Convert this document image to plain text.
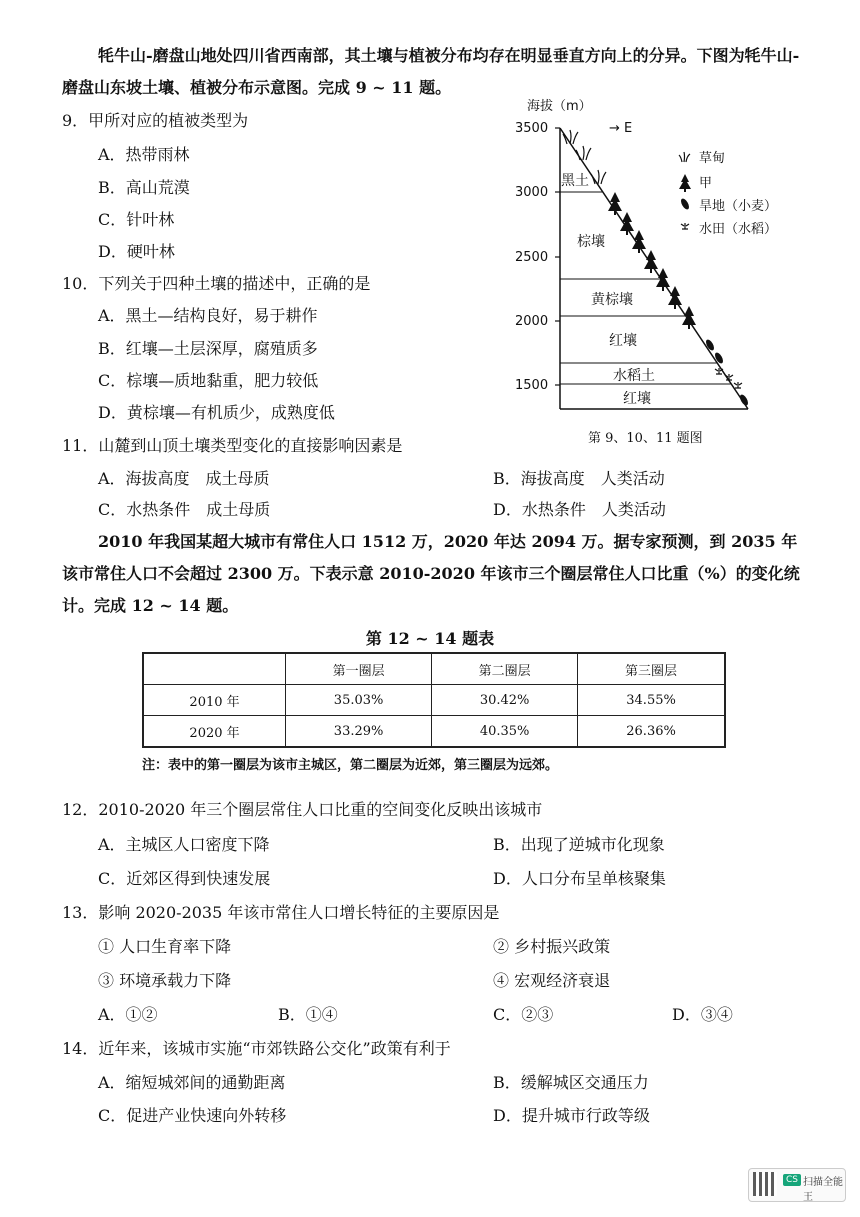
牦牛山-磨盘山地处四川省西南部，其土壤与植被分布均存在明显垂直方向上的分异。下图为牦牛山-磨盘山东坡土壤、植被分布示意图。完成 9 ~ 11 题。
9．甲所对应的植被类型为
A．热带雨林
B．高山荒漠
C．针叶林
D．硬叶林
10．下列关于四种土壤的描述中，正确的是
A．黑土—结构良好，易于耕作
B．红壤—土层深厚，腐殖质多
C．棕壤—质地黏重，肥力较低
D．黄棕壤—有机质少，成熟度低
11．山麓到山顶土壤类型变化的直接影响因素是
A．海拔高度　成土母质	B．海拔高度　人类活动
C．水热条件　成土母质	D．水热条件　人类活动
海拔（m）
→ E
3500
3000
2500
2000
1500
黑土
棕壤
黄棕壤
红壤
水稻土
红壤
草甸
甲
旱地（小麦）
水田（水稻）
第 9、10、11 题图
2010 年我国某超大城市有常住人口 1512 万，2020 年达 2094 万。据专家预测，到 2035 年该市常住人口不会超过 2300 万。下表示意 2010-2020 年该市三个圈层常住人口比重（%）的变化统计。完成 12 ~ 14 题。
第 12 ~ 14 题表
	第一圈层	第二圈层	第三圈层
2010 年	35.03%	30.42%	34.55%
2020 年	33.29%	40.35%	26.36%
注：表中的第一圈层为该市主城区，第二圈层为近郊，第三圈层为远郊。
12．2010-2020 年三个圈层常住人口比重的空间变化反映出该城市
A．主城区人口密度下降	B．出现了逆城市化现象
C．近郊区得到快速发展	D．人口分布呈单核聚集
13．影响 2020-2035 年该市常住人口增长特征的主要原因是
① 人口生育率下降	② 乡村振兴政策
③ 环境承载力下降	④ 宏观经济衰退
A．①②	B．①④	C．②③	D．③④
14．近年来，该城市实施“市郊铁路公交化”政策有利于
A．缩短城郊间的通勤距离	B．缓解城区交通压力
C．促进产业快速向外转移	D．提升城市行政等级
CS 扫描全能王
